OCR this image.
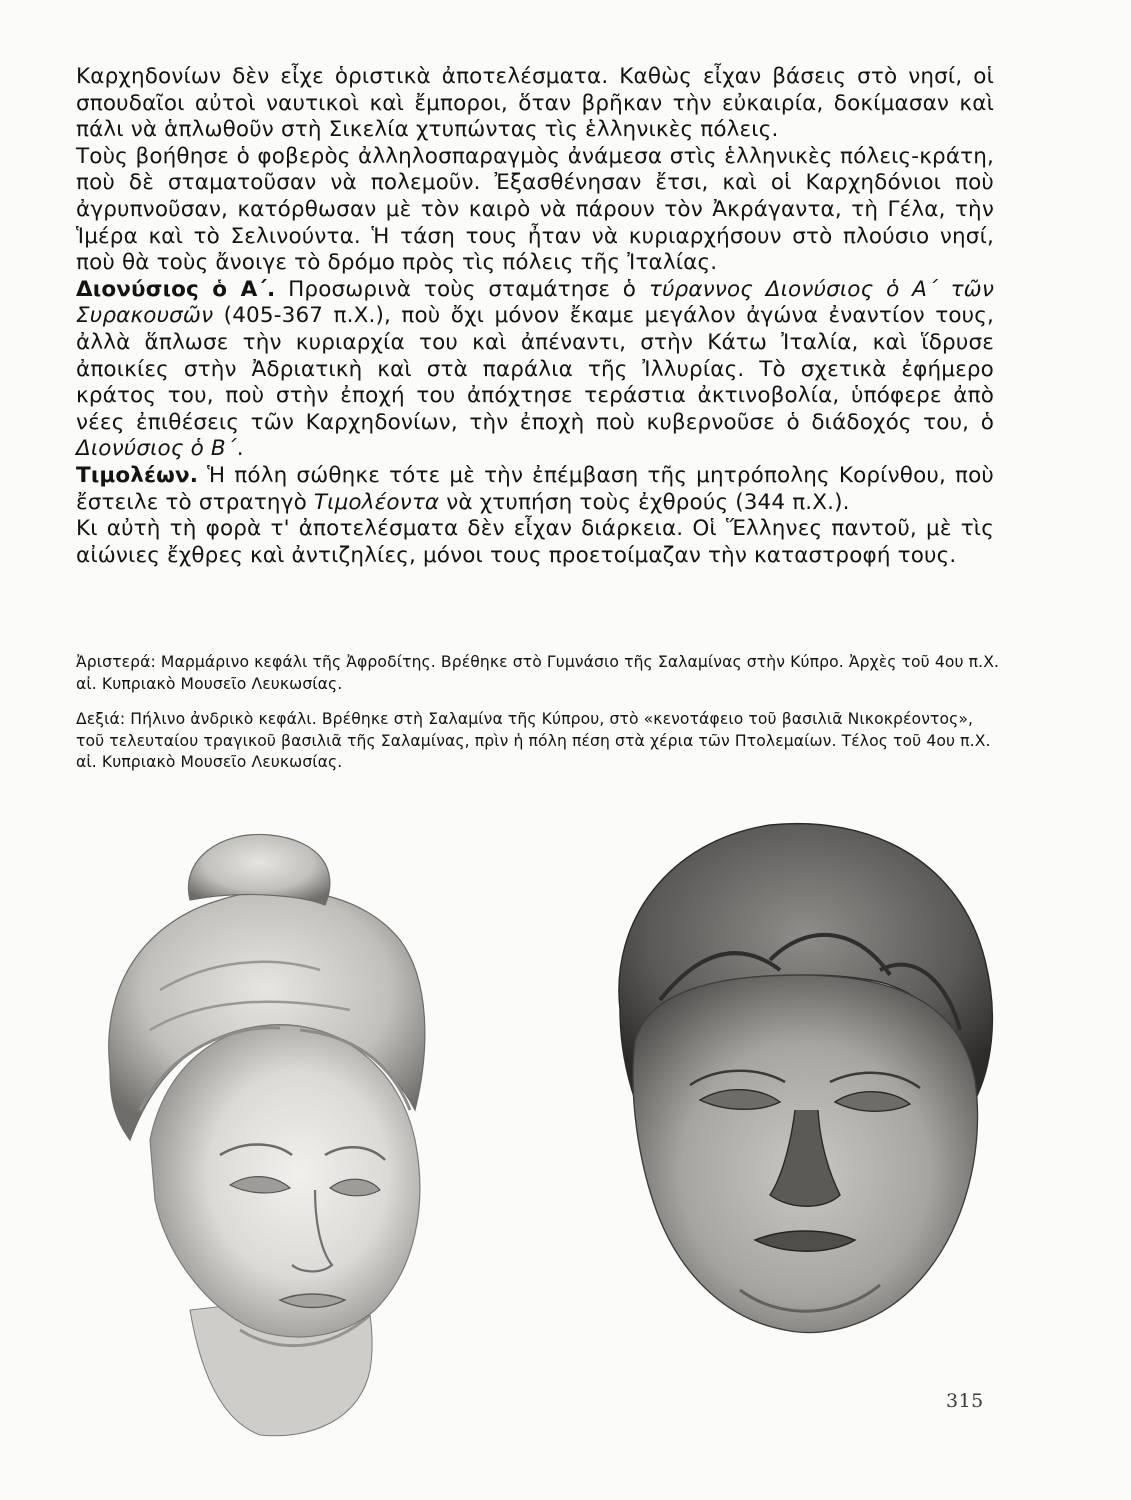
Καρχηδονίων δὲν εἶχε ὁριστικὰ ἀποτελέσματα. Καθὼς εἶχαν βάσεις στὸ νησί, οἱ σπουδαῖοι αὐτοὶ ναυτικοὶ καὶ ἔμποροι, ὅταν βρῆκαν τὴν εὐκαιρία, δοκίμασαν καὶ πάλι νὰ ἁπλωθοῦν στὴ Σικελία χτυπώντας τὶς ἑλληνικὲς πόλεις.

Τοὺς βοήθησε ὁ φοβερὸς ἀλληλοσπαραγμὸς ἀνάμεσα στὶς ἑλληνικὲς πόλεις-κράτη, ποὺ δὲ σταματοῦσαν νὰ πολεμοῦν. Ἐξασθένησαν ἔτσι, καὶ οἱ Καρχηδόνιοι ποὺ ἀγρυπνοῦσαν, κατόρθωσαν μὲ τὸν καιρὸ νὰ πάρουν τὸν Ἀκράγαντα, τὴ Γέλα, τὴν Ἱμέρα καὶ τὸ Σελινούντα. Ἡ τάση τους ἦταν νὰ κυριαρχήσουν στὸ πλούσιο νησί, ποὺ θὰ τοὺς ἄνοιγε τὸ δρόμο πρὸς τὶς πόλεις τῆς Ἰταλίας.

Διονύσιος ὁ Α΄. Προσωρινὰ τοὺς σταμάτησε ὁ τύραννος Διονύσιος ὁ Α΄ τῶν Συρακουσῶν (405-367 π.Χ.), ποὺ ὄχι μόνον ἔκαμε μεγάλον ἀγώνα ἐναντίον τους, ἀλλὰ ἅπλωσε τὴν κυριαρχία του καὶ ἀπέναντι, στὴν Κάτω Ἰταλία, καὶ ἵδρυσε ἀποικίες στὴν Ἀδριατικὴ καὶ στὰ παράλια τῆς Ἰλλυρίας. Τὸ σχετικὰ ἐφήμερο κράτος του, ποὺ στὴν ἐποχή του ἀπόχτησε τεράστια ἀκτινοβολία, ὑπόφερε ἀπὸ νέες ἐπιθέσεις τῶν Καρχηδονίων, τὴν ἐποχὴ ποὺ κυβερνοῦσε ὁ διάδοχός του, ὁ Διονύσιος ὁ Β΄.

Τιμολέων. Ἡ πόλη σώθηκε τότε μὲ τὴν ἐπέμβαση τῆς μητρόπολης Κορίνθου, ποὺ ἔστειλε τὸ στρατηγὸ Τιμολέοντα νὰ χτυπήση τοὺς ἐχθρούς (344 π.Χ.).

Κι αὐτὴ τὴ φορὰ τ' ἀποτελέσματα δὲν εἶχαν διάρκεια. Οἱ Ἕλληνες παντοῦ, μὲ τὶς αἰώνιες ἔχθρες καὶ ἀντιζηλίες, μόνοι τους προετοίμαζαν τὴν καταστροφή τους.

Ἀριστερά: Μαρμάρινο κεφάλι τῆς Ἀφροδίτης. Βρέθηκε στὸ Γυμνάσιο τῆς Σαλαμίνας στὴν Κύπρο. Ἀρχὲς τοῦ 4ου π.Χ. αἰ. Κυπριακὸ Μουσεῖο Λευκωσίας.

Δεξιά: Πήλινο ἀνδρικὸ κεφάλι. Βρέθηκε στὴ Σαλαμίνα τῆς Κύπρου, στὸ «κενοτάφειο τοῦ βασιλιᾶ Νικοκρέοντος», τοῦ τελευταίου τραγικοῦ βασιλιᾶ τῆς Σαλαμίνας, πρὶν ἡ πόλη πέση στὰ χέρια τῶν Πτολεμαίων. Τέλος τοῦ 4ου π.Χ. αἰ. Κυπριακὸ Μουσεῖο Λευκωσίας.

315
